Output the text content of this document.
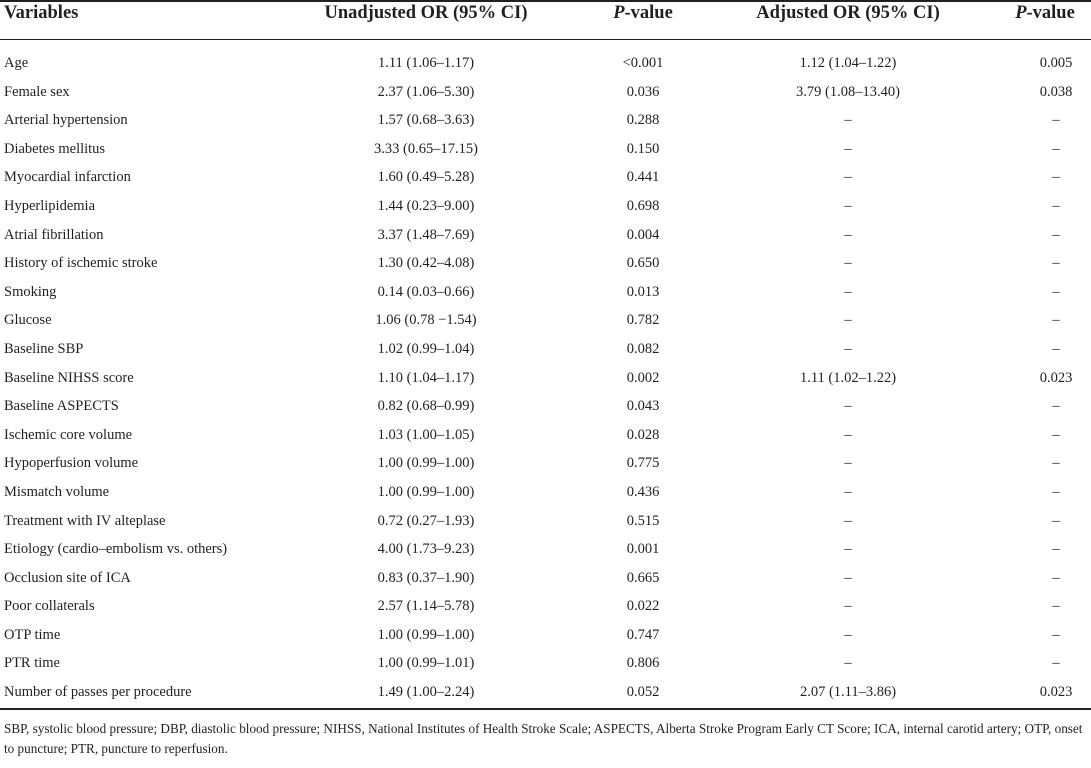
Variables	Unadjusted OR (95% CI)	P-value	Adjusted OR (95% CI)	P-value
Age	1.11 (1.06–1.17)	<0.001	1.12 (1.04–1.22)	0.005
Female sex	2.37 (1.06–5.30)	0.036	3.79 (1.08–13.40)	0.038
Arterial hypertension	1.57 (0.68–3.63)	0.288	–	–
Diabetes mellitus	3.33 (0.65–17.15)	0.150	–	–
Myocardial infarction	1.60 (0.49–5.28)	0.441	–	–
Hyperlipidemia	1.44 (0.23–9.00)	0.698	–	–
Atrial fibrillation	3.37 (1.48–7.69)	0.004	–	–
History of ischemic stroke	1.30 (0.42–4.08)	0.650	–	–
Smoking	0.14 (0.03–0.66)	0.013	–	–
Glucose	1.06 (0.78 −1.54)	0.782	–	–
Baseline SBP	1.02 (0.99–1.04)	0.082	–	–
Baseline NIHSS score	1.10 (1.04–1.17)	0.002	1.11 (1.02–1.22)	0.023
Baseline ASPECTS	0.82 (0.68–0.99)	0.043	–	–
Ischemic core volume	1.03 (1.00–1.05)	0.028	–	–
Hypoperfusion volume	1.00 (0.99–1.00)	0.775	–	–
Mismatch volume	1.00 (0.99–1.00)	0.436	–	–
Treatment with IV alteplase	0.72 (0.27–1.93)	0.515	–	–
Etiology (cardio–embolism vs. others)	4.00 (1.73–9.23)	0.001	–	–
Occlusion site of ICA	0.83 (0.37–1.90)	0.665	–	–
Poor collaterals	2.57 (1.14–5.78)	0.022	–	–
OTP time	1.00 (0.99–1.00)	0.747	–	–
PTR time	1.00 (0.99–1.01)	0.806	–	–
Number of passes per procedure	1.49 (1.00–2.24)	0.052	2.07 (1.11–3.86)	0.023
SBP, systolic blood pressure; DBP, diastolic blood pressure; NIHSS, National Institutes of Health Stroke Scale; ASPECTS, Alberta Stroke Program Early CT Score; ICA, internal carotid artery; OTP, onset to puncture; PTR, puncture to reperfusion.
